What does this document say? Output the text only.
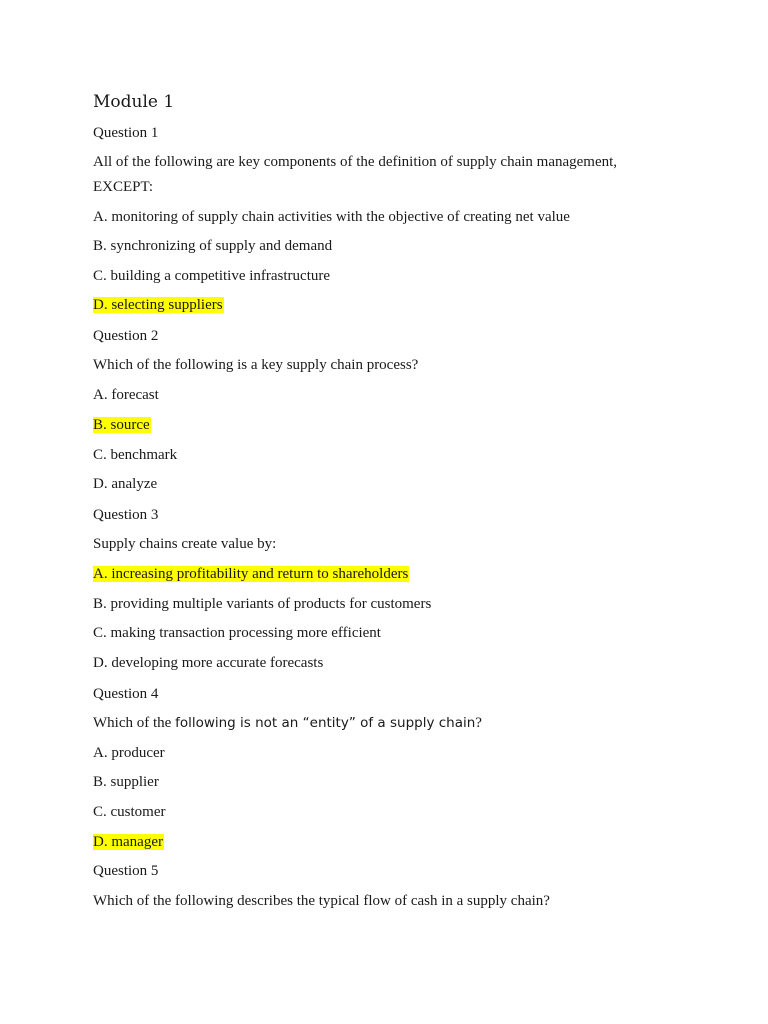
Module 1
Question 1
All of the following are key components of the definition of supply chain management,
EXCEPT:
A. monitoring of supply chain activities with the objective of creating net value
B. synchronizing of supply and demand
C. building a competitive infrastructure
D. selecting suppliers
Question 2
Which of the following is a key supply chain process?
A. forecast
B. source
C. benchmark
D. analyze
Question 3
Supply chains create value by:
A. increasing profitability and return to shareholders
B. providing multiple variants of products for customers
C. making transaction processing more efficient
D. developing more accurate forecasts
Question 4
Which of the following is not an “entity” of a supply chain?
A. producer
B. supplier
C. customer
D. manager
Question 5
Which of the following describes the typical flow of cash in a supply chain?
